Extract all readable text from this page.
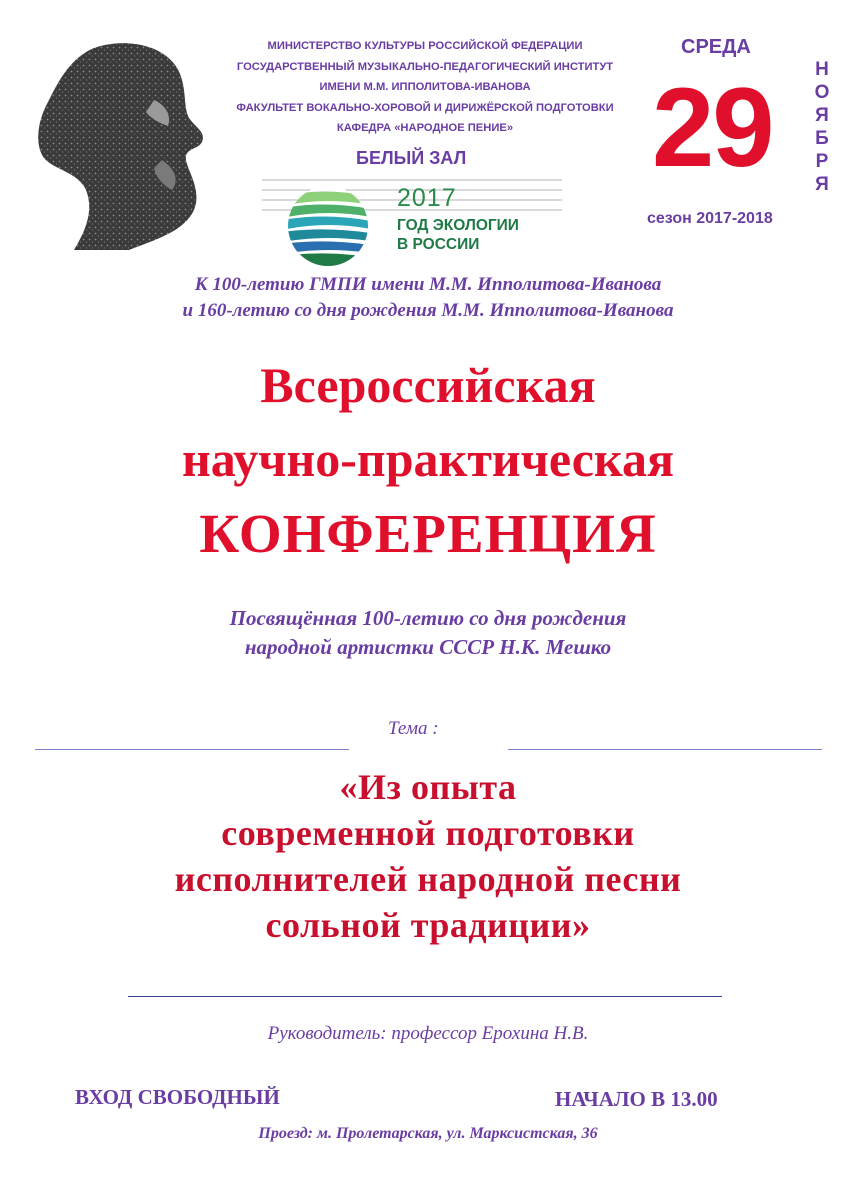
МИНИСТЕРСТВО КУЛЬТУРЫ РОССИЙСКОЙ ФЕДЕРАЦИИ
ГОСУДАРСТВЕННЫЙ МУЗЫКАЛЬНО-ПЕДАГОГИЧЕСКИЙ ИНСТИТУТ
ИМЕНИ М.М. ИППОЛИТОВА-ИВАНОВА
ФАКУЛЬТЕТ ВОКАЛЬНО-ХОРОВОЙ И ДИРИЖЁРСКОЙ ПОДГОТОВКИ
КАФЕДРА «НАРОДНОЕ ПЕНИЕ»
БЕЛЫЙ ЗАЛ
СРЕДА
29 Н
О
Я
Б
Р
Я
сезон 2017-2018
2017
ГОД ЭКОЛОГИИ
В РОССИИ
К 100-летию ГМПИ имени М.М. Ипполитова-Иванова
и 160-летию со дня рождения М.М. Ипполитова-Иванова
Всероссийская
научно-практическая
КОНФЕРЕНЦИЯ
Посвящённая 100-летию со дня рождения
народной артистки СССР Н.К. Мешко
Тема :
«Из опыта
современной подготовки
исполнителей народной песни
сольной традиции»
Руководитель: профессор Ерохина Н.В.
ВХОД СВОБОДНЫЙ	НАЧАЛО В 13.00
Проезд: м. Пролетарская, ул. Марксистская, 36
